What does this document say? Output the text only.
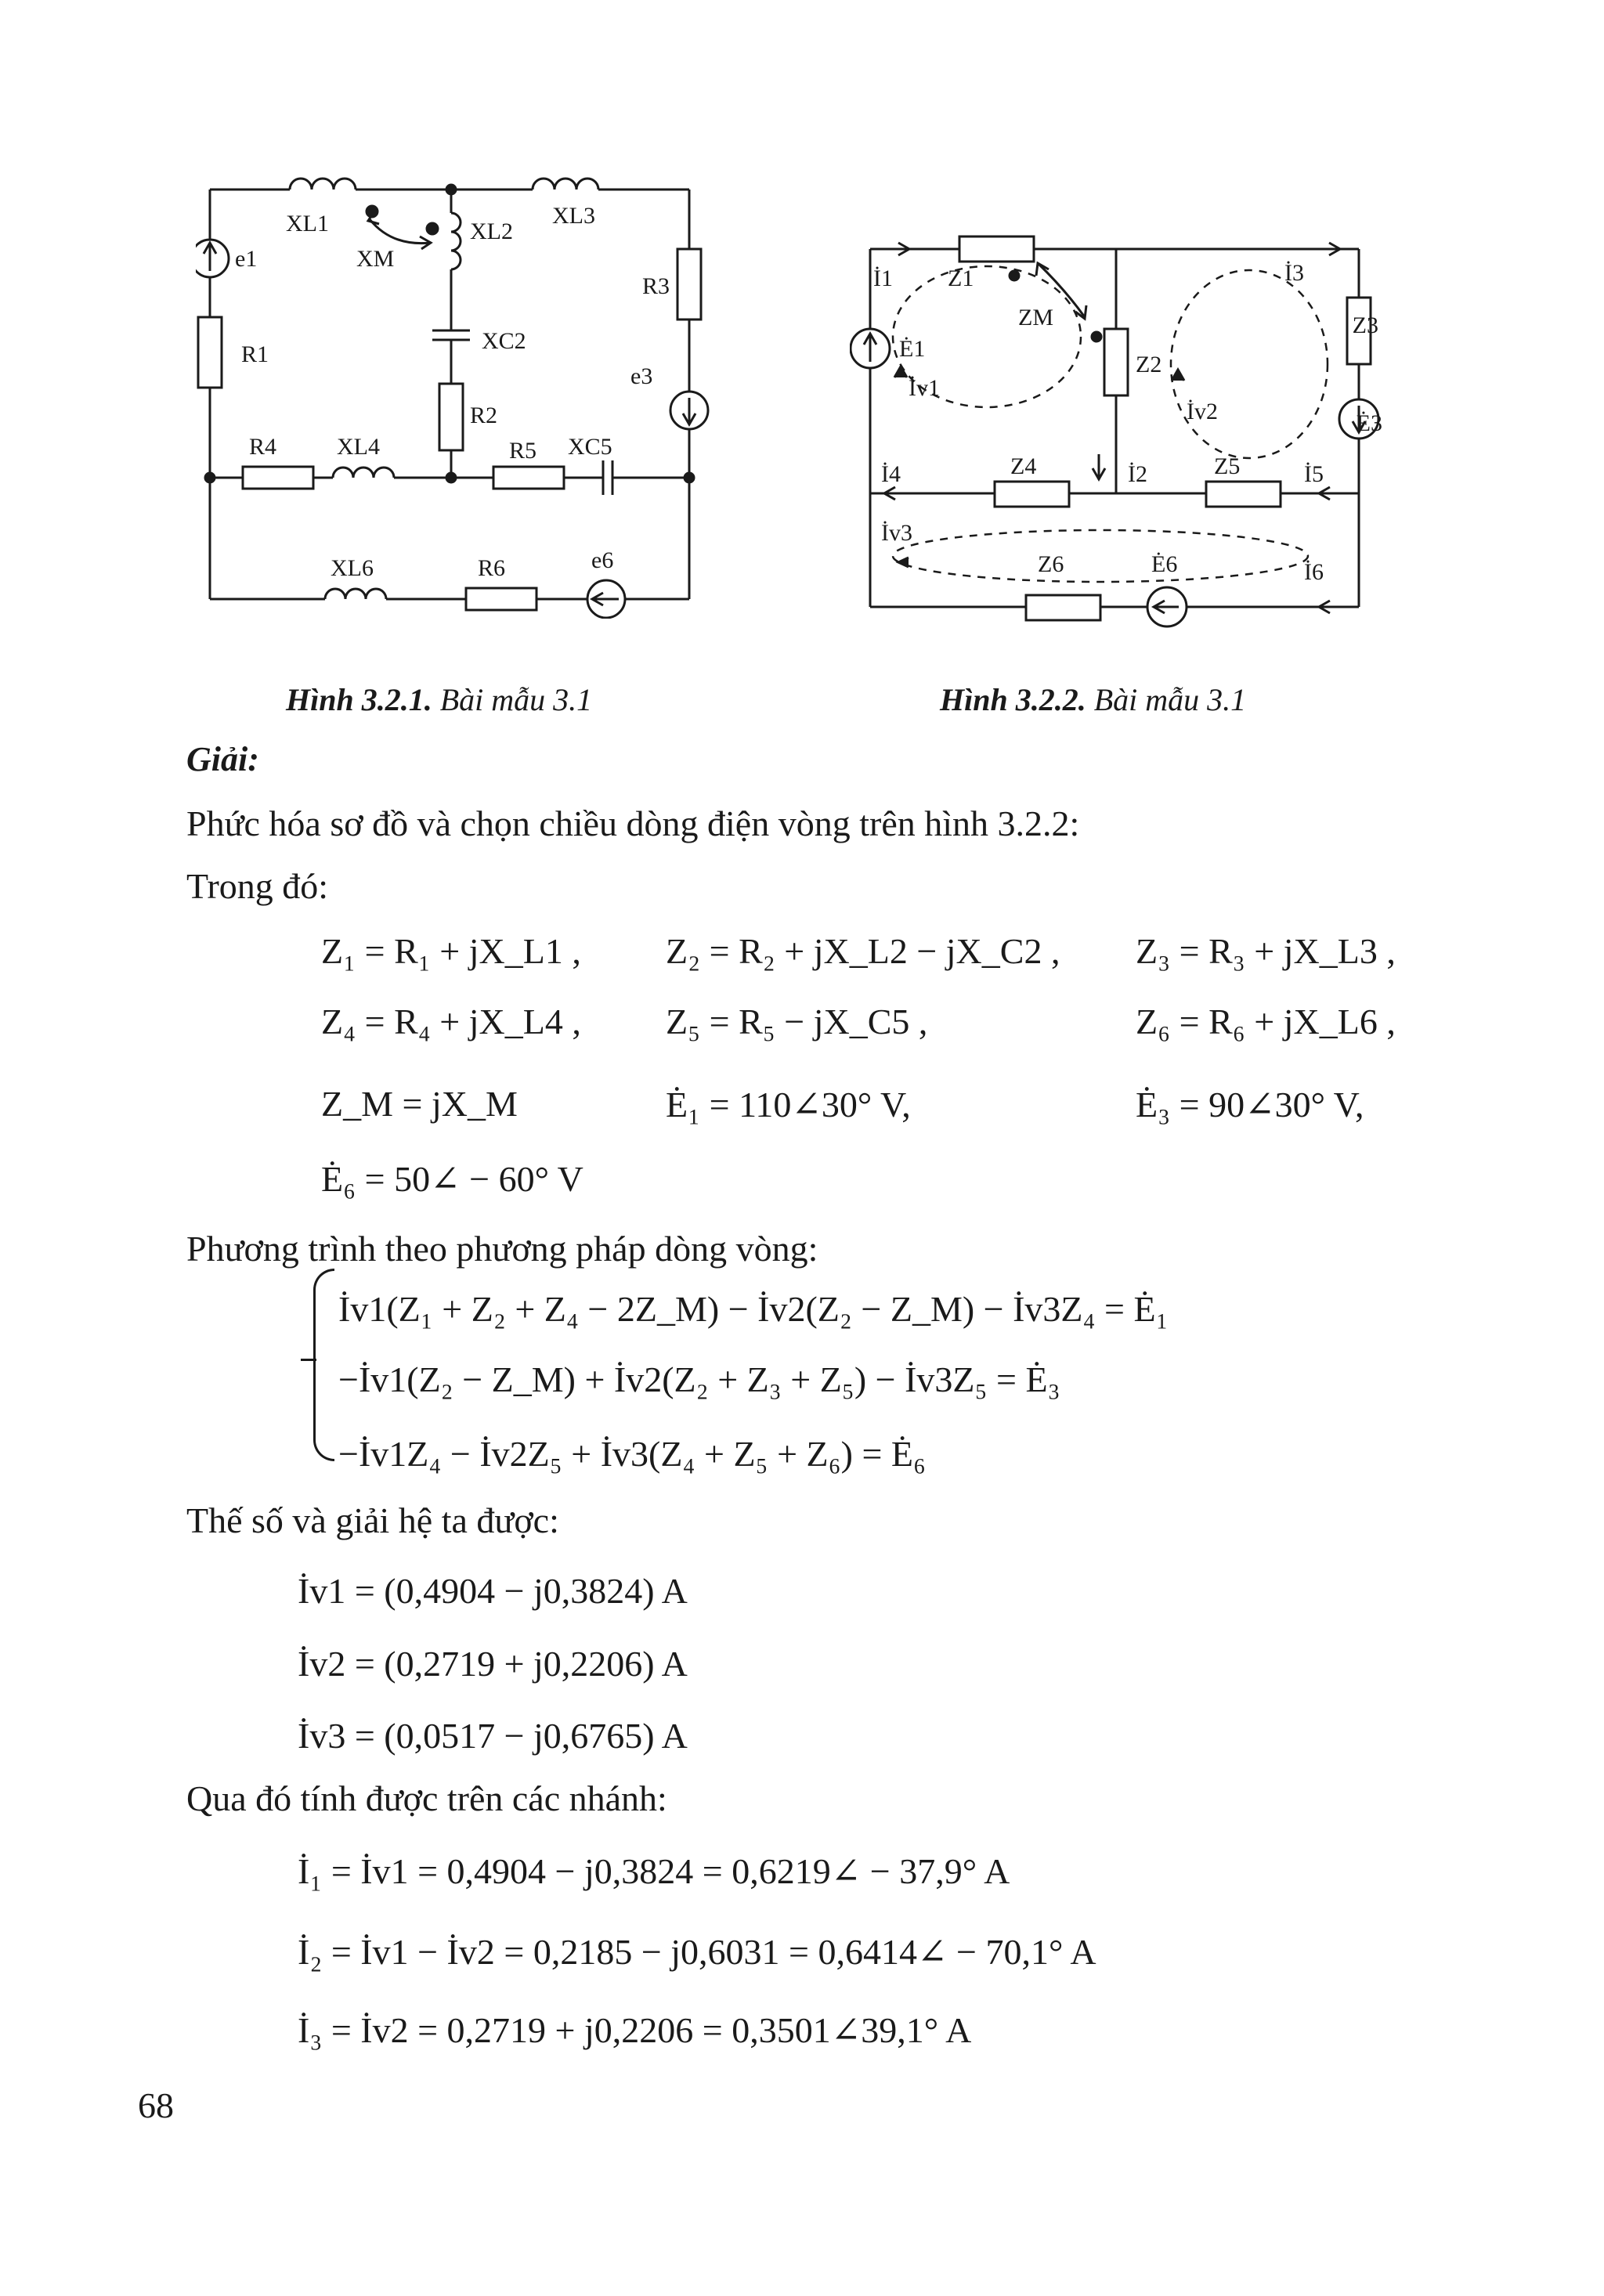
XL1
XM
XL2
XL3
R3
e1
R1
XC2
e3
R2
R4	XL4	R5 XC5
XL6	R6	e6
Hình 3.2.1. Bài mẫu 3.1
İ1 Z1
ZM
Ė1
İv1
Z2
İv2
İ2
İ3
Z3
Ė3
İ4	Z4	Z5	İ5
İv3
Z6	Ė6	İ6
Hình 3.2.2. Bài mẫu 3.1
Giải:
Phức hóa sơ đồ và chọn chiều dòng điện vòng trên hình 3.2.2:
Trong đó:
Z₁ = R₁ + jX_L1 , Z₂ = R₂ + jX_L2 − jX_C2 , Z₃ = R₃ + jX_L3 ,
Z₄ = R₄ + jX_L4 , Z₅ = R₅ − jX_C5 ,	Z₆ = R₆ + jX_L6 ,
Z_M = jX_M	Ė₁ = 110∠30° V,	Ė₃ = 90∠30° V,
Ė₆ = 50∠ − 60° V
Phương trình theo phương pháp dòng vòng:
İv1(Z₁ + Z₂ + Z₄ − 2Z_M) − İv2(Z₂ − Z_M) − İv3Z₄ = Ė₁
−İv1(Z₂ − Z_M) + İv2(Z₂ + Z₃ + Z₅) − İv3Z₅ = Ė₃
−İv1Z₄ − İv2Z₅ + İv3(Z₄ + Z₅ + Z₆) = Ė₆
Thế số và giải hệ ta được:
İv1 = (0,4904 − j0,3824) A
İv2 = (0,2719 + j0,2206) A
İv3 = (0,0517 − j0,6765) A
Qua đó tính được trên các nhánh:
İ₁ = İv1 = 0,4904 − j0,3824 = 0,6219∠ − 37,9° A
İ₂ = İv1 − İv2 = 0,2185 − j0,6031 = 0,6414∠ − 70,1° A
İ₃ = İv2 = 0,2719 + j0,2206 = 0,3501∠39,1° A
68
